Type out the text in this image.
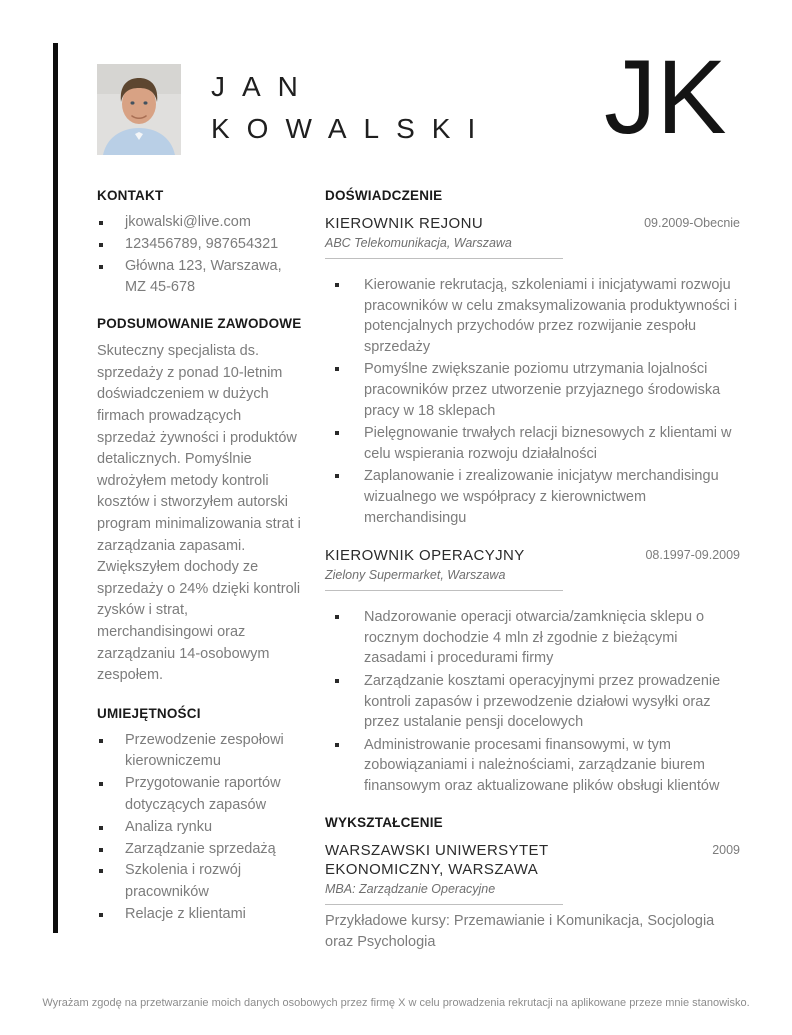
JAN
KOWALSKI JK
KONTAKT
jkowalski@live.com
123456789, 987654321
Główna 123, Warszawa, MZ 45-678
PODSUMOWANIE ZAWODOWE

Skuteczny specjalista ds. sprzedaży z ponad 10-letnim doświadczeniem w dużych firmach prowadzących sprzedaż żywności i produktów detalicznych. Pomyślnie wdrożyłem metody kontroli kosztów i stworzyłem autorski program minimalizowania strat i zarządzania zapasami. Zwiększyłem dochody ze sprzedaży o 24% dzięki kontroli zysków i strat, merchandisingowi oraz zarządzaniu 14-osobowym zespołem.

UMIEJĘTNOŚCI
Przewodzenie zespołowi kierowniczemu
Przygotowanie raportów dotyczących zapasów
Analiza rynku
Zarządzanie sprzedażą
Szkolenia i rozwój pracowników
Relacje z klientami
DOŚWIADCZENIE
KIEROWNIK REJONU	09.2009-Obecnie
ABC Telekomunikacja, Warszawa
Kierowanie rekrutacją, szkoleniami i inicjatywami rozwoju pracowników w celu zmaksymalizowania produktywności i potencjalnych przychodów przez rozwijanie zespołu sprzedaży
Pomyślne zwiększanie poziomu utrzymania lojalności pracowników przez utworzenie przyjaznego środowiska pracy w 18 sklepach
Pielęgnowanie trwałych relacji biznesowych z klientami w celu wspierania rozwoju działalności
Zaplanowanie i zrealizowanie inicjatyw merchandisingu wizualnego we współpracy z kierownictwem merchandisingu
KIEROWNIK OPERACYJNY	08.1997-09.2009
Zielony Supermarket, Warszawa
Nadzorowanie operacji otwarcia/zamknięcia sklepu o rocznym dochodzie 4 mln zł zgodnie z bieżącymi zasadami i procedurami firmy
Zarządzanie kosztami operacyjnymi przez prowadzenie kontroli zapasów i przewodzenie działowi wysyłki oraz przez ustalanie pensji docelowych
Administrowanie procesami finansowymi, w tym zobowiązaniami i należnościami, zarządzanie biurem finansowym oraz aktualizowane plików obsługi klientów
WYKSZTAŁCENIE
WARSZAWSKI UNIWERSYTET EKONOMICZNY, WARSZAWA
2009
MBA: Zarządzanie Operacyjne

Przykładowe kursy: Przemawianie i Komunikacja, Socjologia oraz Psychologia

Wyrażam zgodę na przetwarzanie moich danych osobowych przez firmę X w celu prowadzenia rekrutacji na aplikowane przeze mnie stanowisko.
